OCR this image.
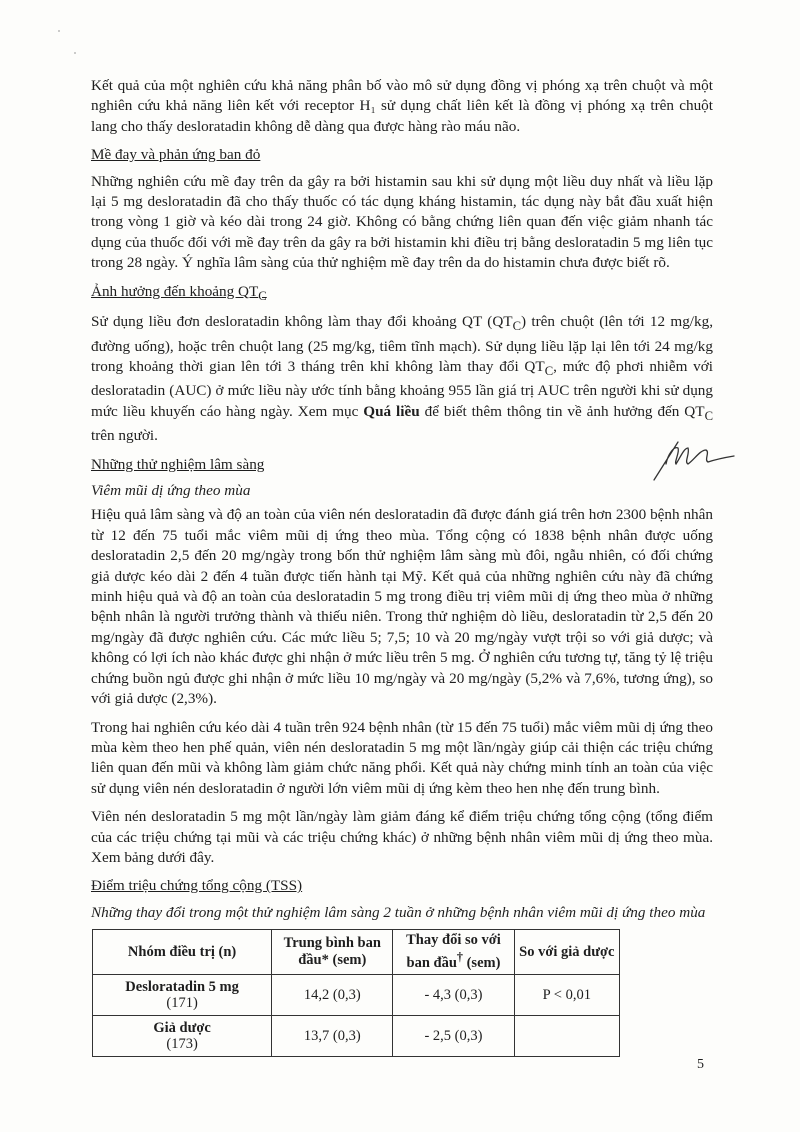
Kết quả của một nghiên cứu khả năng phân bố vào mô sử dụng đồng vị phóng xạ trên chuột và một nghiên cứu khả năng liên kết với receptor H₁ sử dụng chất liên kết là đồng vị phóng xạ trên chuột lang cho thấy desloratadin không dễ dàng qua được hàng rào máu não.

Mề đay và phản ứng ban đỏ

Những nghiên cứu mề đay trên da gây ra bởi histamin sau khi sử dụng một liều duy nhất và liều lặp lại 5 mg desloratadin đã cho thấy thuốc có tác dụng kháng histamin, tác dụng này bắt đầu xuất hiện trong vòng 1 giờ và kéo dài trong 24 giờ. Không có bằng chứng liên quan đến việc giảm nhanh tác dụng của thuốc đối với mề đay trên da gây ra bởi histamin khi điều trị bằng desloratadin 5 mg liên tục trong 28 ngày. Ý nghĩa lâm sàng của thử nghiệm mề đay trên da do histamin chưa được biết rõ.

Ảnh hưởng đến khoảng $QT_C$

Sử dụng liều đơn desloratadin không làm thay đổi khoảng QT $(QT_C)$ trên chuột (lên tới 12 mg/kg, đường uống), hoặc trên chuột lang (25 mg/kg, tiêm tĩnh mạch). Sử dụng liều lặp lại lên tới 24 mg/kg trong khoảng thời gian lên tới 3 tháng trên khỉ không làm thay đổi $QT_C$, mức độ phơi nhiễm với desloratadin (AUC) ở mức liều này ước tính bằng khoảng 955 lần giá trị AUC trên người khi sử dụng mức liều khuyến cáo hàng ngày. Xem mục Quá liều để biết thêm thông tin về ảnh hưởng đến $QT_C$ trên người.

Những thử nghiệm lâm sàng
Viêm mũi dị ứng theo mùa

Hiệu quả lâm sàng và độ an toàn của viên nén desloratadin đã được đánh giá trên hơn 2300 bệnh nhân từ 12 đến 75 tuổi mắc viêm mũi dị ứng theo mùa. Tổng cộng có 1838 bệnh nhân được uống desloratadin 2,5 đến 20 mg/ngày trong bốn thử nghiệm lâm sàng mù đôi, ngẫu nhiên, có đối chứng giả dược kéo dài 2 đến 4 tuần được tiến hành tại Mỹ. Kết quả của những nghiên cứu này đã chứng minh hiệu quả và độ an toàn của desloratadin 5 mg trong điều trị viêm mũi dị ứng theo mùa ở những bệnh nhân là người trưởng thành và thiếu niên. Trong thử nghiệm dò liều, desloratadin từ 2,5 đến 20 mg/ngày đã được nghiên cứu. Các mức liều 5; 7,5; 10 và 20 mg/ngày vượt trội so với giả dược; và không có lợi ích nào khác được ghi nhận ở mức liều trên 5 mg. Ở nghiên cứu tương tự, tăng tỷ lệ triệu chứng buồn ngủ được ghi nhận ở mức liều 10 mg/ngày và 20 mg/ngày (5,2% và 7,6%, tương ứng), so với giả dược (2,3%).

Trong hai nghiên cứu kéo dài 4 tuần trên 924 bệnh nhân (từ 15 đến 75 tuổi) mắc viêm mũi dị ứng theo mùa kèm theo hen phế quản, viên nén desloratadin 5 mg một lần/ngày giúp cải thiện các triệu chứng liên quan đến mũi và không làm giảm chức năng phổi. Kết quả này chứng minh tính an toàn của việc sử dụng viên nén desloratadin ở người lớn viêm mũi dị ứng kèm theo hen nhẹ đến trung bình.

Viên nén desloratadin 5 mg một lần/ngày làm giảm đáng kể điểm triệu chứng tổng cộng (tổng điểm của các triệu chứng tại mũi và các triệu chứng khác) ở những bệnh nhân viêm mũi dị ứng theo mùa. Xem bảng dưới đây.

Điểm triệu chứng tổng cộng (TSS)
Những thay đổi trong một thử nghiệm lâm sàng 2 tuần ở những bệnh nhân viêm mũi dị ứng theo mùa
Nhóm điều trị (n)	Trung bình ban đầu* (sem)	Thay đổi so với ban đầu† (sem)	So với giả dược
Desloratadin 5 mg
(171)	14,2 (0,3)	- 4,3 (0,3)	P < 0,01
Giả dược
(173)	13,7 (0,3)	- 2,5 (0,3)	
5
